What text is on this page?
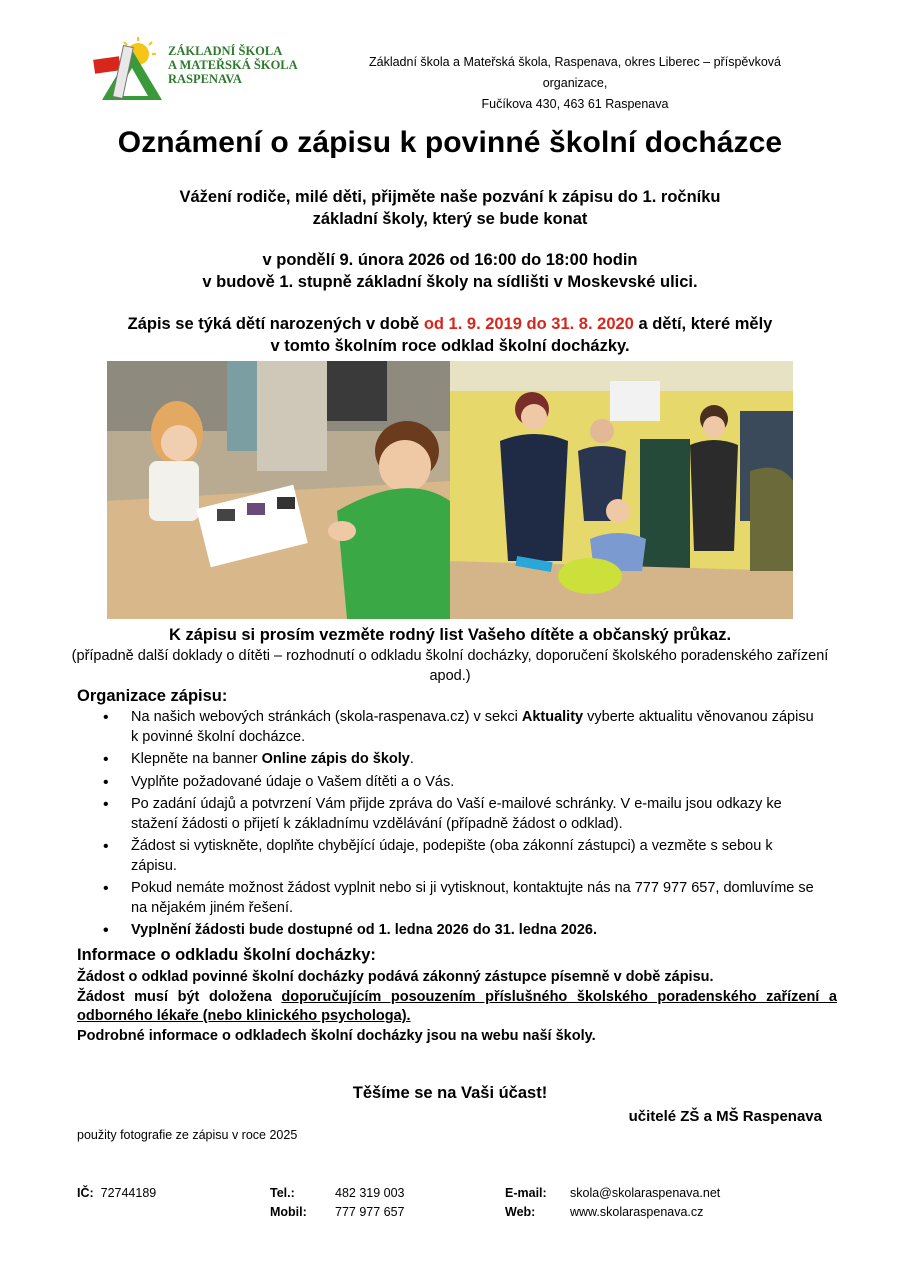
ZÁKLADNÍ ŠKOLA
A MATEŘSKÁ ŠKOLA
RASPENAVA
Základní škola a Mateřská škola, Raspenava, okres Liberec – příspěvková
organizace,
Fučíkova 430, 463 61 Raspenava
Oznámení o zápisu k povinné školní docházce
Vážení rodiče, milé děti, přijměte naše pozvání k zápisu do 1. ročníku
základní školy, který se bude konat
v pondělí 9. února 2026 od 16:00 do 18:00 hodin
v budově 1. stupně základní školy na sídlišti v Moskevské ulici.
Zápis se týká dětí narozených v době od 1. 9. 2019 do 31. 8. 2020 a dětí, které měly
v tomto školním roce odklad školní docházky.
K zápisu si prosím vezměte rodný list Vašeho dítěte a občanský průkaz.
(případně další doklady o dítěti – rozhodnutí o odkladu školní docházky, doporučení školského poradenského zařízení apod.)
Organizace zápisu:
• Na našich webových stránkách (skola-raspenava.cz) v sekci Aktuality vyberte aktualitu věnovanou zápisu k povinné školní docházce.
• Klepněte na banner Online zápis do školy.
• Vyplňte požadované údaje o Vašem dítěti a o Vás.
• Po zadání údajů a potvrzení Vám přijde zpráva do Vaší e-mailové schránky. V e-mailu jsou odkazy ke stažení žádosti o přijetí k základnímu vzdělávání (případně žádost o odklad).
• Žádost si vytiskněte, doplňte chybějící údaje, podepište (oba zákonní zástupci) a vezměte s sebou k zápisu.
• Pokud nemáte možnost žádost vyplnit nebo si ji vytisknout, kontaktujte nás na 777 977 657, domluvíme se na nějakém jiném řešení.
• Vyplnění žádosti bude dostupné od 1. ledna 2026 do 31. ledna 2026.
Informace o odkladu školní docházky:
Žádost o odklad povinné školní docházky podává zákonný zástupce písemně v době zápisu.
Žádost musí být doložena doporučujícím posouzením příslušného školského poradenského zařízení a odborného lékaře (nebo klinického psychologa).
Podrobné informace o odkladech školní docházky jsou na webu naší školy.
Těšíme se na Vaši účast!
učitelé ZŠ a MŠ Raspenava
použity fotografie ze zápisu v roce 2025
IČ: 72744189	Tel.:
Mobil:
482 319 003
777 977 657
E-mail:
Web:
skola@skolaraspenava.net
www.skolaraspenava.cz
